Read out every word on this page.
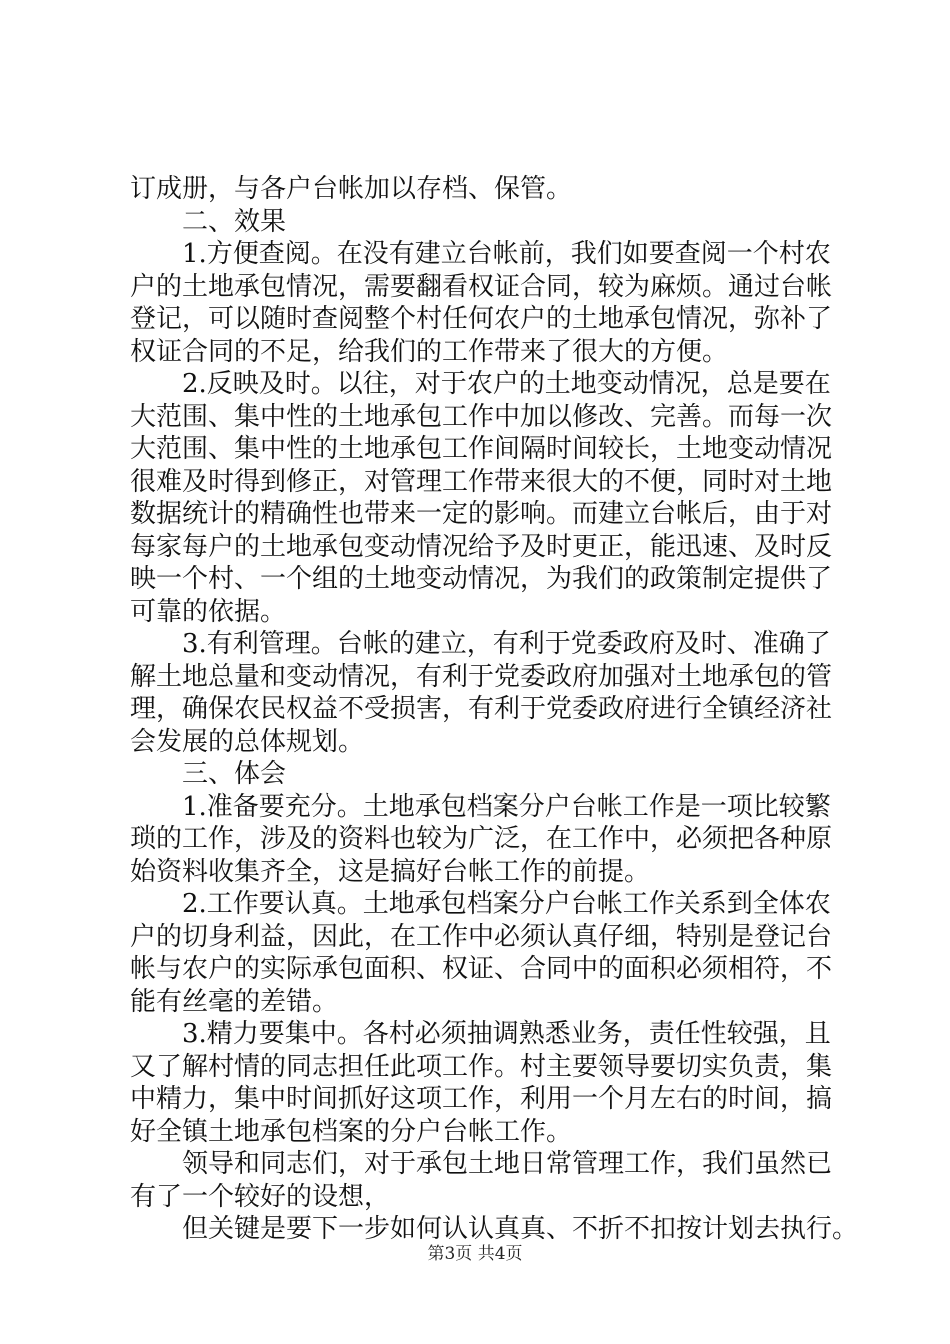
订成册，与各户台帐加以存档、保管。
二、效果
1.方便查阅。在没有建立台帐前，我们如要查阅一个村农
户的土地承包情况，需要翻看权证合同，较为麻烦。通过台帐
登记，可以随时查阅整个村任何农户的土地承包情况，弥补了
权证合同的不足，给我们的工作带来了很大的方便。
2.反映及时。以往，对于农户的土地变动情况，总是要在
大范围、集中性的土地承包工作中加以修改、完善。而每一次
大范围、集中性的土地承包工作间隔时间较长，土地变动情况
很难及时得到修正，对管理工作带来很大的不便，同时对土地
数据统计的精确性也带来一定的影响。而建立台帐后，由于对
每家每户的土地承包变动情况给予及时更正，能迅速、及时反
映一个村、一个组的土地变动情况，为我们的政策制定提供了
可靠的依据。
3.有利管理。台帐的建立，有利于党委政府及时、准确了
解土地总量和变动情况，有利于党委政府加强对土地承包的管
理，确保农民权益不受损害，有利于党委政府进行全镇经济社
会发展的总体规划。
三、体会
1.准备要充分。土地承包档案分户台帐工作是一项比较繁
琐的工作，涉及的资料也较为广泛，在工作中，必须把各种原
始资料收集齐全，这是搞好台帐工作的前提。
2.工作要认真。土地承包档案分户台帐工作关系到全体农
户的切身利益，因此，在工作中必须认真仔细，特别是登记台
帐与农户的实际承包面积、权证、合同中的面积必须相符，不
能有丝毫的差错。
3.精力要集中。各村必须抽调熟悉业务，责任性较强，且
又了解村情的同志担任此项工作。村主要领导要切实负责，集
中精力，集中时间抓好这项工作，利用一个月左右的时间，搞
好全镇土地承包档案的分户台帐工作。
领导和同志们，对于承包土地日常管理工作，我们虽然已
有了一个较好的设想，
但关键是要下一步如何认认真真、不折不扣按计划去执行。
第3页 共4页
